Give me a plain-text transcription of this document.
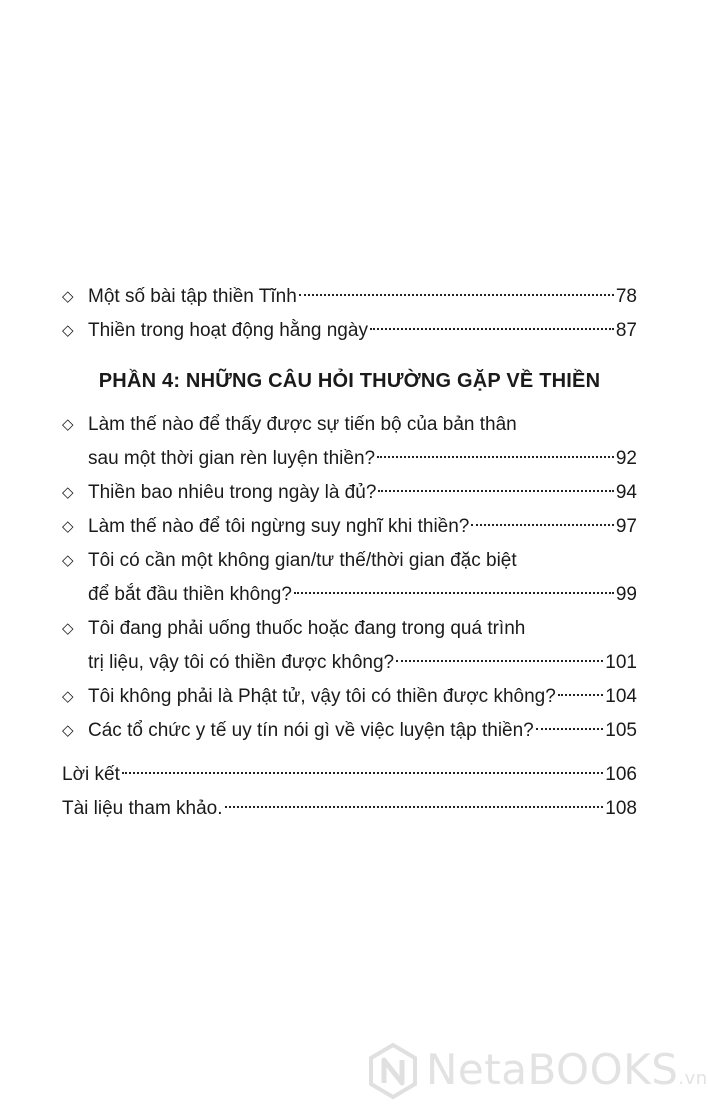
◇ Một số bài tập thiền Tĩnh	78
◇ Thiền trong hoạt động hằng ngày	87
PHẦN 4: NHỮNG CÂU HỎI THƯỜNG GẶP VỀ THIỀN
◇ Làm thế nào để thấy được sự tiến bộ của bản thân
sau một thời gian rèn luyện thiền?	92
◇ Thiền bao nhiêu trong ngày là đủ?	94
◇ Làm thế nào để tôi ngừng suy nghĩ khi thiền?	97
◇ Tôi có cần một không gian/tư thế/thời gian đặc biệt
để bắt đầu thiền không?	99
◇ Tôi đang phải uống thuốc hoặc đang trong quá trình
trị liệu, vậy tôi có thiền được không?	101
◇ Tôi không phải là Phật tử, vậy tôi có thiền được không?	104
◇ Các tổ chức y tế uy tín nói gì về việc luyện tập thiền?	105
Lời kết	106
Tài liệu tham khảo.	108
NetaBOOKS.vn
